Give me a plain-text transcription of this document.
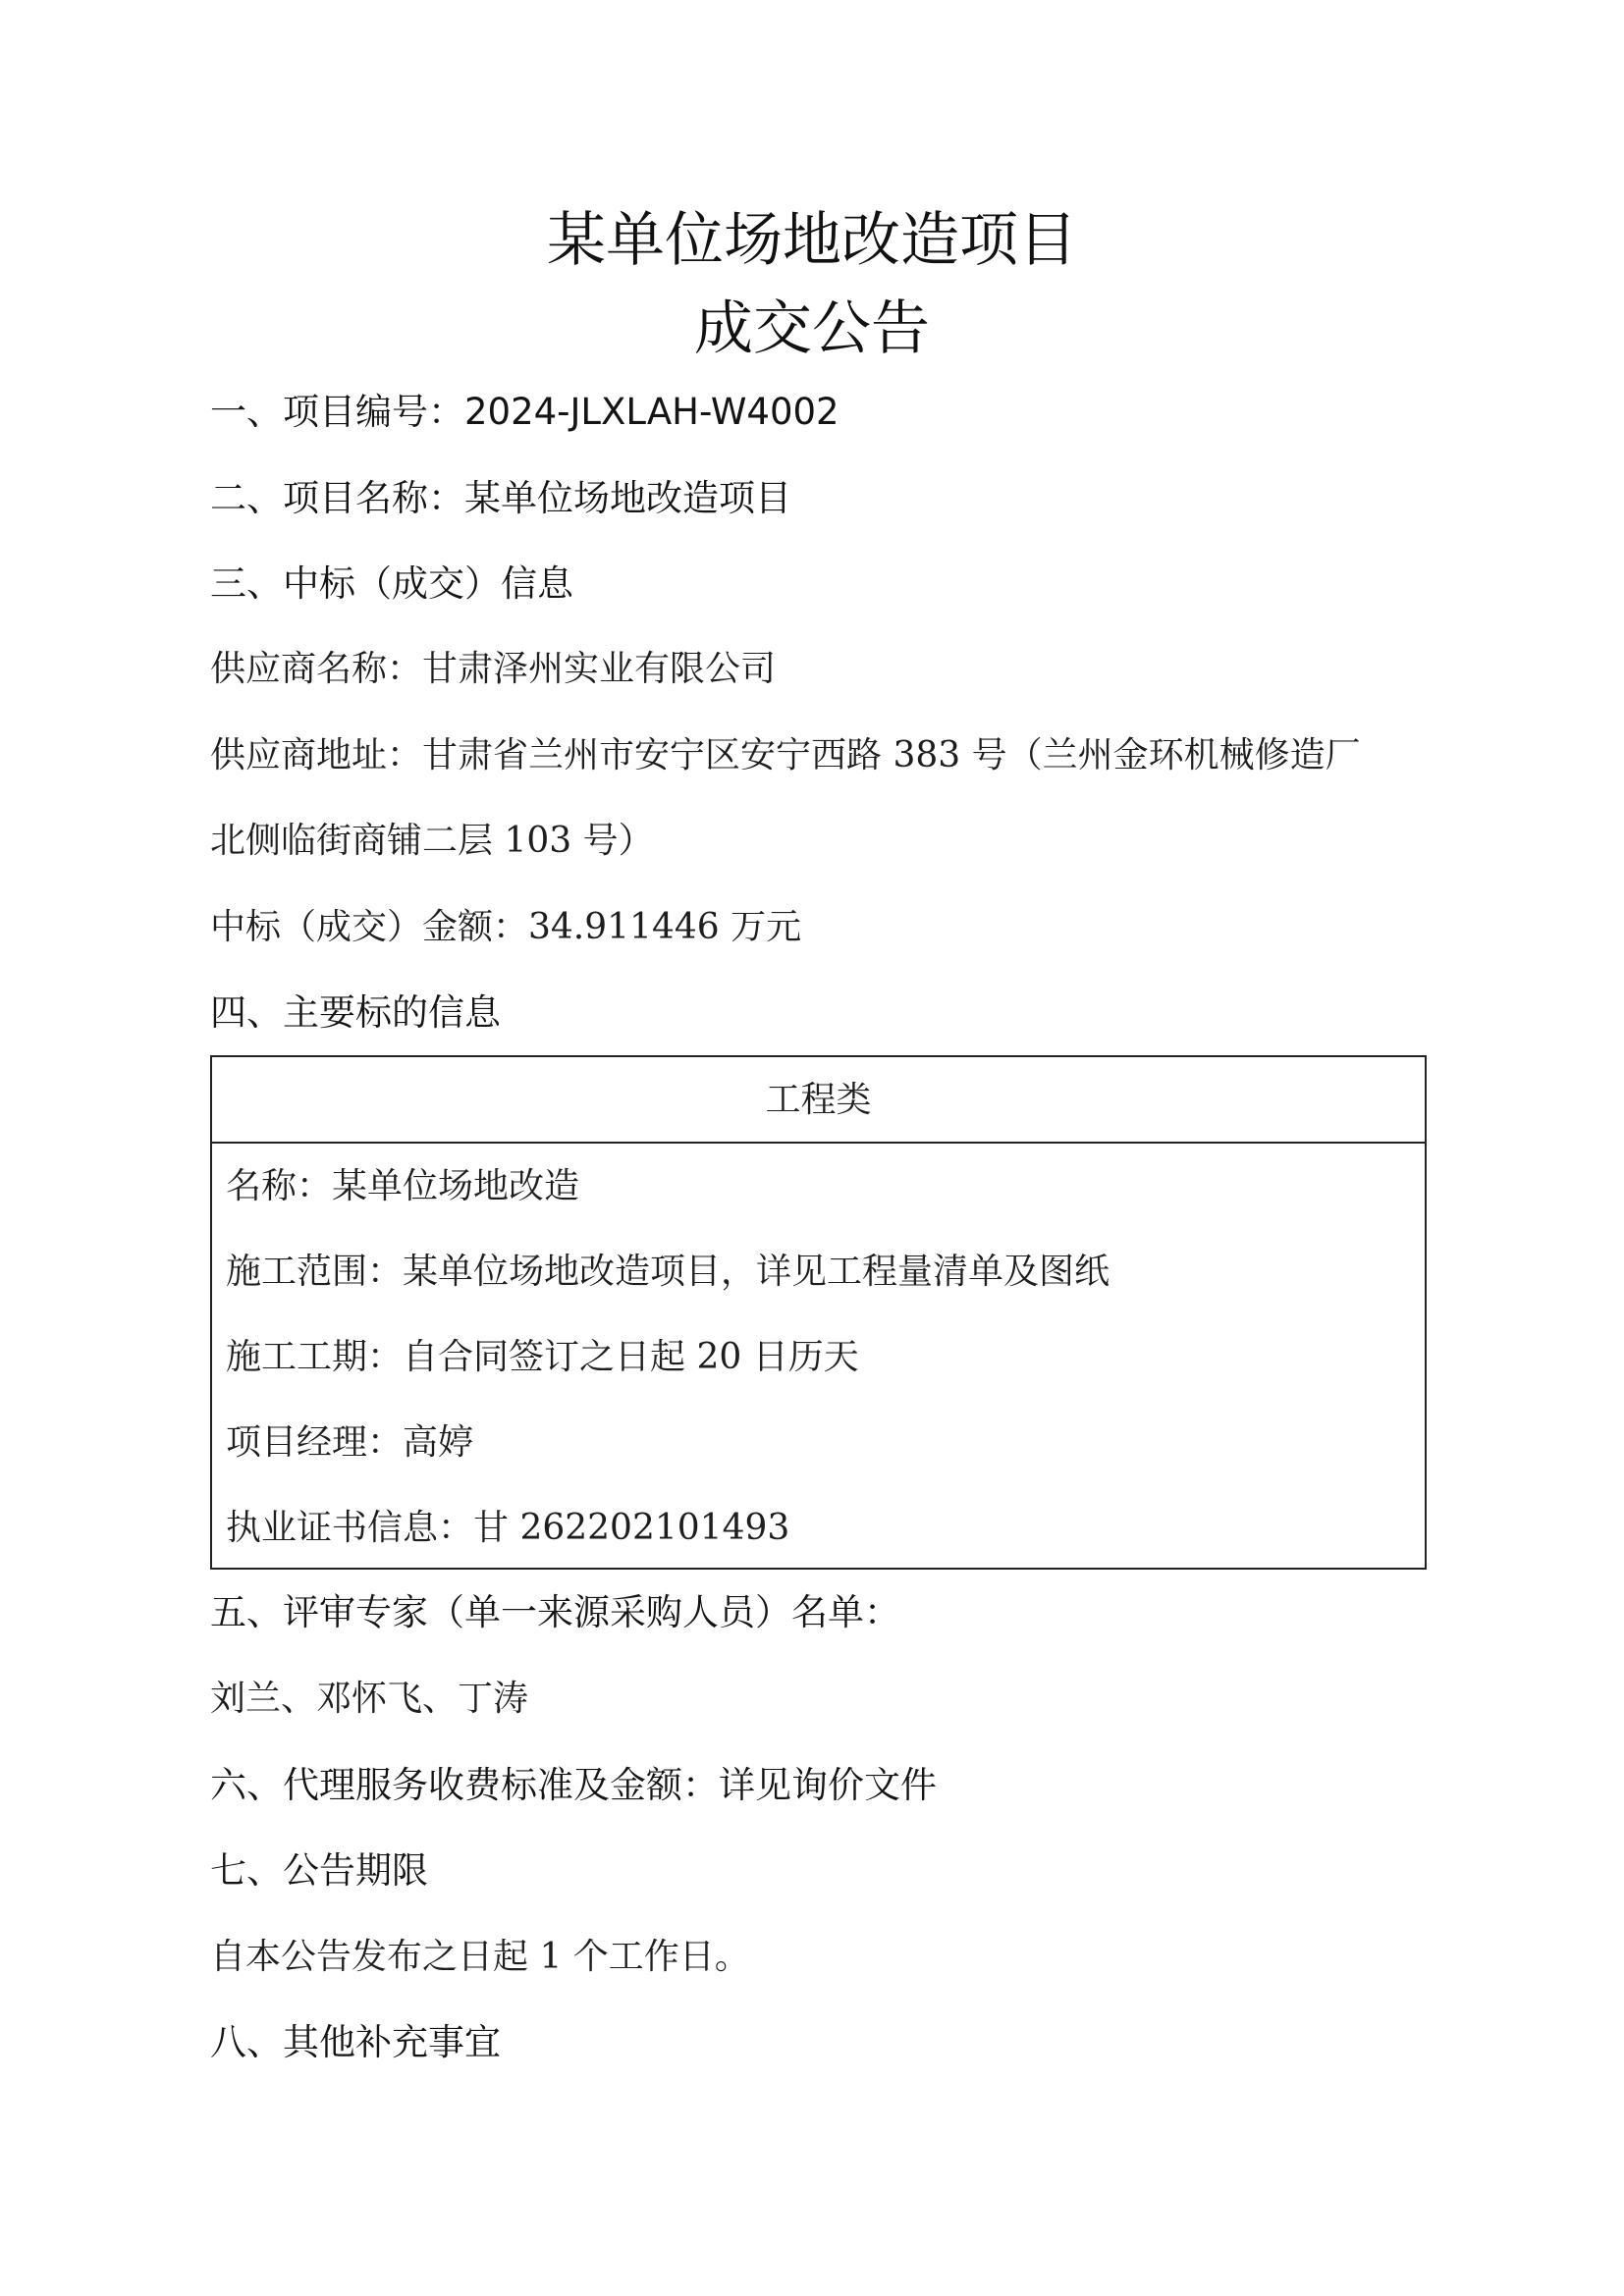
某单位场地改造项目
成交公告
一、项目编号：2024-JLXLAH-W4002
二、项目名称：某单位场地改造项目
三、中标（成交）信息
供应商名称：甘肃泽州实业有限公司
供应商地址：甘肃省兰州市安宁区安宁西路 383 号（兰州金环机械修造厂
北侧临街商铺二层 103 号）
中标（成交）金额：34.911446 万元
四、主要标的信息
工程类
名称：某单位场地改造
施工范围：某单位场地改造项目，详见工程量清单及图纸
施工工期：自合同签订之日起 20 日历天
项目经理：高婷
执业证书信息：甘 262202101493
五、评审专家（单一来源采购人员）名单：
刘兰、邓怀飞、丁涛
六、代理服务收费标准及金额：详见询价文件
七、公告期限
自本公告发布之日起 1 个工作日。
八、其他补充事宜
